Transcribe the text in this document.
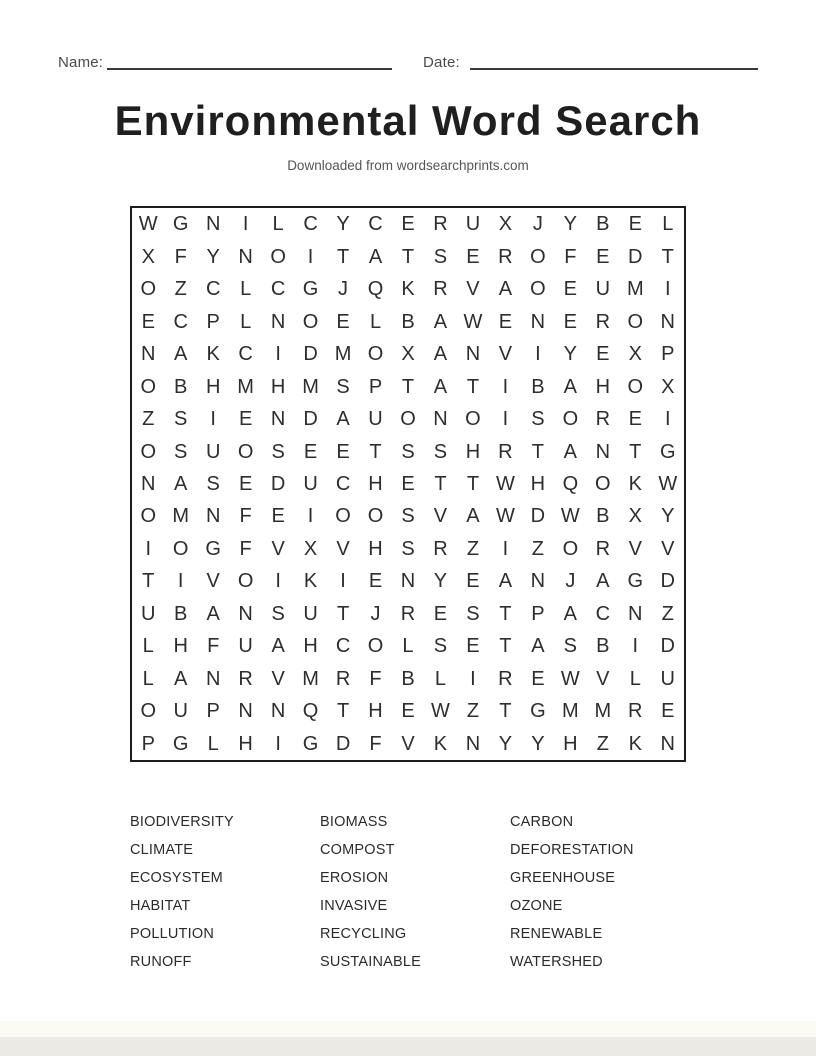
Name:	Date:
Environmental Word Search
Downloaded from wordsearchprints.com
W G N	I	L C Y C E R U X	J	Y B E	L
X F Y N O	I	T A T S E R O F E D T
O Z C L C G J Q K R V A O E U M	I
E C P	L N O E	L	B A W E N E R O N
N A K C	I	D M O X A N V	I	Y E X P
O B H M H M S P T A T	I	B A H O X
Z S	I	E N D A U O N O	I	S O R E	I
O S U O S E E T S S H R T A N T G
N A S E D U C H E T	T W H Q O K W
O M N F E	I	O O S V A W D W B X Y
I	O G F V X V H S R Z	I	Z O R V V
T	I	V O	I	K	I	E N Y E A N	J	A G D
U B A N S U T	J	R E S T P A C N Z
L H F U A H C O L	S E T A S B	I	D
L	A N R V M R F B	L	I	R E W V	L U
O U P N N Q T H E W Z	T G M M R E
P G L H	I	G D F V K N Y Y H Z K N
BIODIVERSITY
CLIMATE
ECOSYSTEM
HABITAT
POLLUTION
RUNOFF
BIOMASS
COMPOST
EROSION
INVASIVE
RECYCLING
SUSTAINABLE
CARBON
DEFORESTATION
GREENHOUSE
OZONE
RENEWABLE
WATERSHED
